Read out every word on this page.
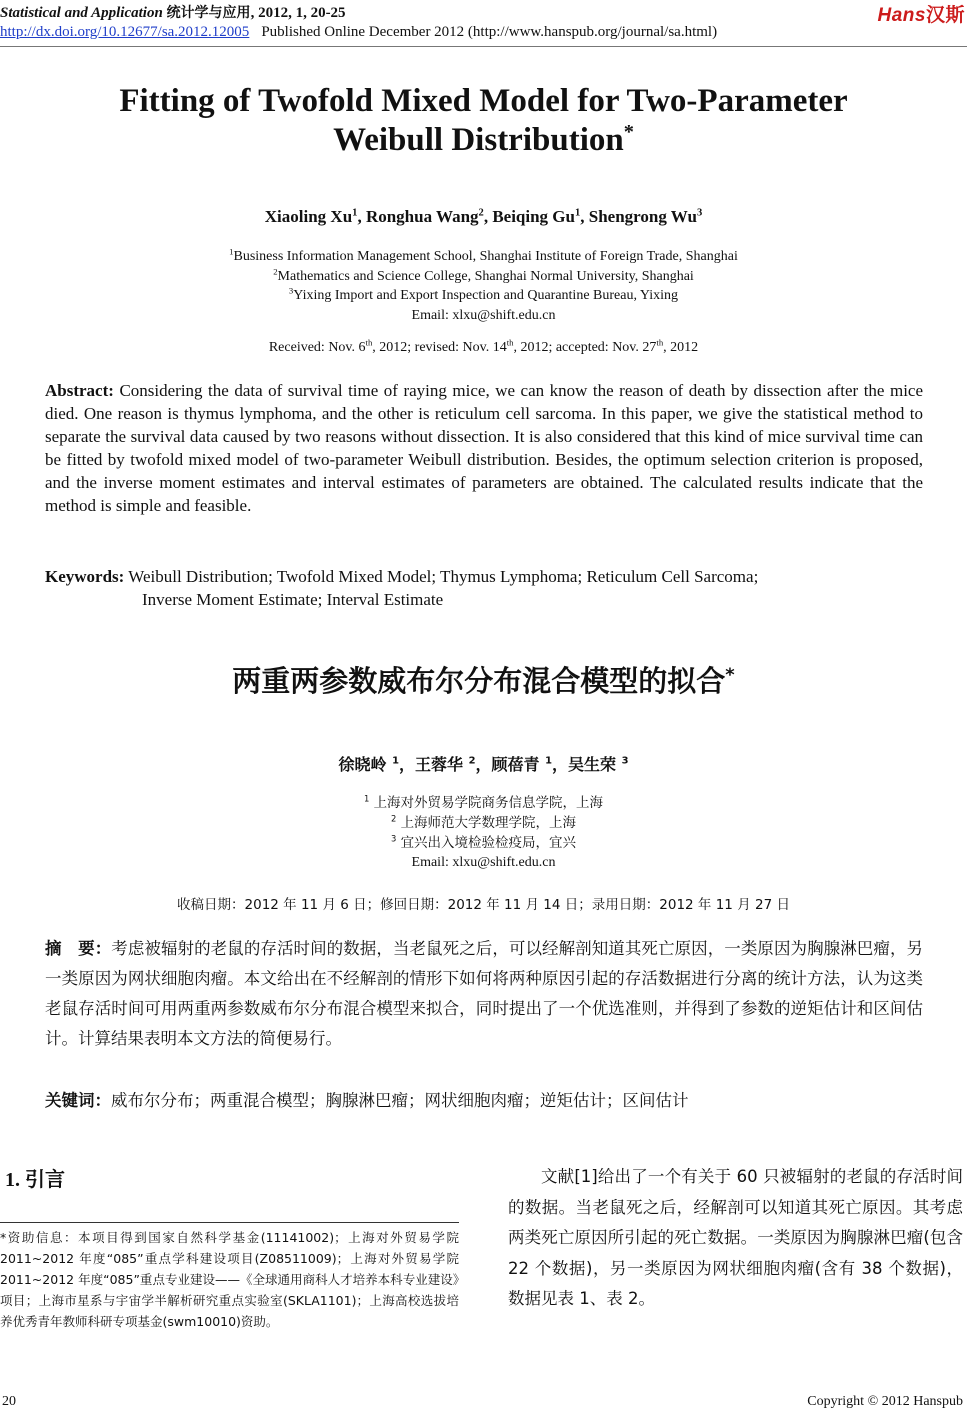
Statistical and Application 统计学与应用, 2012, 1, 20-25	Hans汉斯
http://dx.doi.org/10.12677/sa.2012.12005 Published Online December 2012 (http://www.hanspub.org/journal/sa.html)
Fitting of Twofold Mixed Model for Two-Parameter
Weibull Distribution*
Xiaoling Xu$^1$, Ronghua Wang$^2$, Beiqing Gu$^1$, Shengrong Wu$^3$
$^1$Business Information Management School, Shanghai Institute of Foreign Trade, Shanghai
$^2$Mathematics and Science College, Shanghai Normal University, Shanghai
$^3$Yixing Import and Export Inspection and Quarantine Bureau, Yixing
Email: xlxu@shift.edu.cn
Received: Nov. 6th, 2012; revised: Nov. 14th, 2012; accepted: Nov. 27th, 2012
Abstract: Considering the data of survival time of raying mice, we can know the reason of death by dissection after the mice died. One reason is thymus lymphoma, and the other is reticulum cell sarcoma. In this paper, we give the statistical method to separate the survival data caused by two reasons without dissection. It is also considered that this kind of mice survival time can be fitted by twofold mixed model of two-parameter Weibull distribution. Besides, the optimum selection criterion is proposed, and the inverse moment estimates and interval estimates of parameters are obtained. The calculated results indicate that the method is simple and feasible.
Keywords: Weibull Distribution; Twofold Mixed Model; Thymus Lymphoma; Reticulum Cell Sarcoma;
Inverse Moment Estimate; Interval Estimate
两重两参数威布尔分布混合模型的拟合*
徐晓岭 $^1$，王蓉华 $^2$，顾蓓青 $^1$，吴生荣 $^3$
$^1$ 上海对外贸易学院商务信息学院，上海
$^2$ 上海师范大学数理学院，上海
$^3$ 宜兴出入境检验检疫局，宜兴
Email: xlxu@shift.edu.cn
收稿日期：2012 年 11 月 6 日；修回日期：2012 年 11 月 14 日；录用日期：2012 年 11 月 27 日
摘　要：考虑被辐射的老鼠的存活时间的数据，当老鼠死之后，可以经解剖知道其死亡原因，一类原因为胸腺淋巴瘤，另一类原因为网状细胞肉瘤。本文给出在不经解剖的情形下如何将两种原因引起的存活数据进行分离的统计方法，认为这类老鼠存活时间可用两重两参数威布尔分布混合模型来拟合，同时提出了一个优选准则，并得到了参数的逆矩估计和区间估计。计算结果表明本文方法的简便易行。
关键词：威布尔分布；两重混合模型；胸腺淋巴瘤；网状细胞肉瘤；逆矩估计；区间估计
1. 引言
*资助信息：本项目得到国家自然科学基金(11141002)；上海对外贸易学院 2011~2012 年度“085”重点学科建设项目(Z08511009)；上海对外贸易学院 2011~2012 年度“085”重点专业建设——《全球通用商科人才培养本科专业建设》项目；上海市星系与宇宙学半解析研究重点实验室(SKLA1101)；上海高校选拔培养优秀青年教师科研专项基金(swm10010)资助。
文献[1]给出了一个有关于 60 只被辐射的老鼠的存活时间的数据。当老鼠死之后，经解剖可以知道其死亡原因。其考虑两类死亡原因所引起的死亡数据。一类原因为胸腺淋巴瘤(包含 22 个数据)，另一类原因为网状细胞肉瘤(含有 38 个数据)，数据见表 1、表 2。
20	Copyright © 2012 Hanspub
